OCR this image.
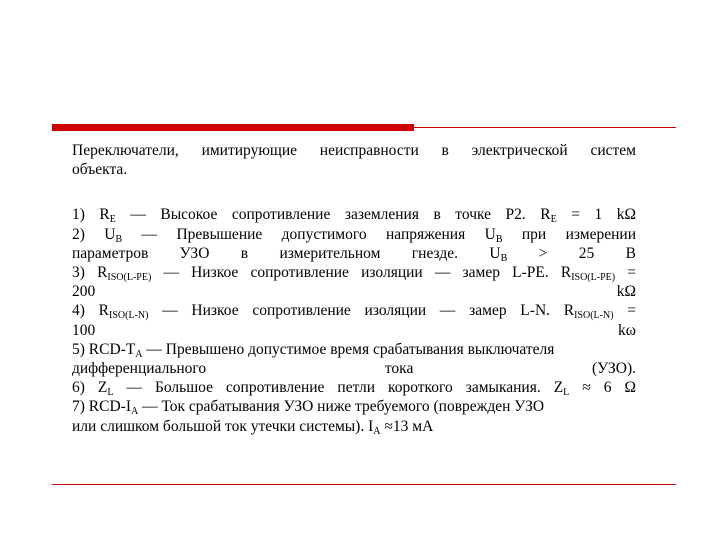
Переключатели, имитирующие неисправности в электрической систем
объекта.
1) $R_E$ — Высокое сопротивление заземления в точке P2. $R_E = 1$ kΩ
2) $U_B$ — Превышение допустимого напряжения $U_B$ при измерении
параметров УЗО в измерительном гнезде. $U_B > 25$ В
3) $R_{ISO(L-PE)}$ — Низкое сопротивление изоляции — замер L-PE. $R_{ISO(L-PE)}$ =
200	kΩ
4) $R_{ISO(L-N)}$ — Низкое сопротивление изоляции — замер L-N. $R_{ISO(L-N)}$ =
100	kω
5) RCD-$T_A$ — Превышено допустимое время срабатывания выключателя
дифференциального тока (УЗО).
6) $Z_L$ — Большое сопротивление петли короткого замыкания. $Z_L \approx 6$ Ω
7) RCD-$I_A$ — Ток срабатывания УЗО ниже требуемого (поврежден УЗО
или слишком большой ток утечки системы). $I_A \approx 13$ мА
